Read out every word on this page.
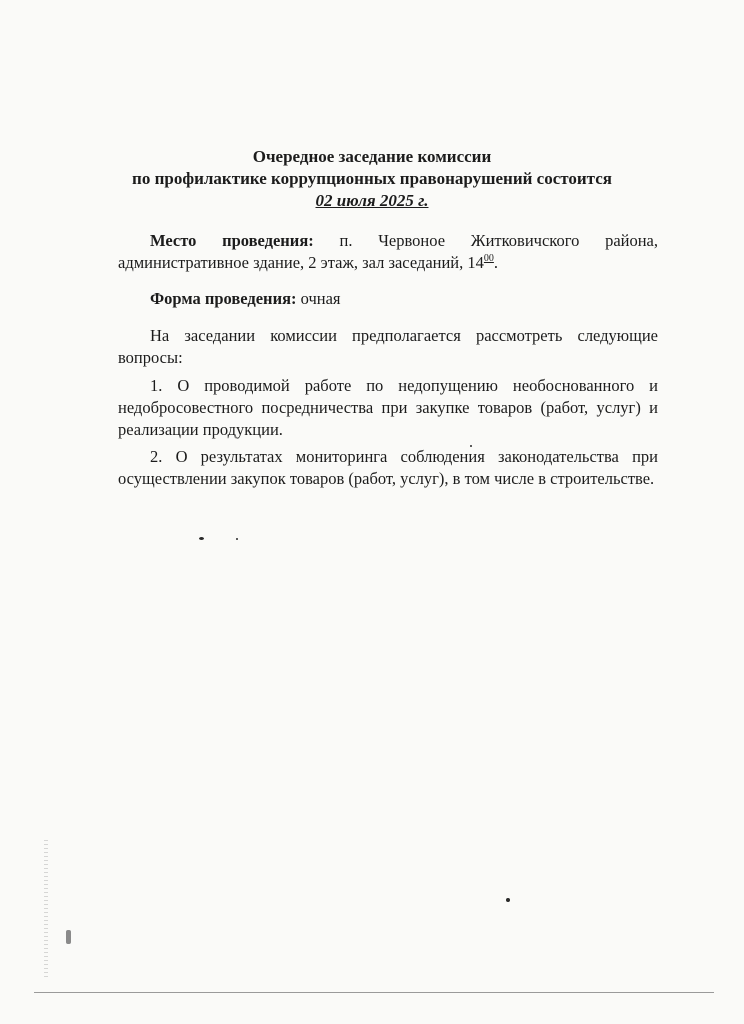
Очередное заседание комиссии
по профилактике коррупционных правонарушений состоится
02 июля 2025 г.
Место проведения: п. Червоное Житковичского района, административное здание, 2 этаж, зал заседаний, $14^{00}$.
Форма проведения: очная
На заседании комиссии предполагается рассмотреть следующие вопросы:
1. О проводимой работе по недопущению необоснованного и недобросовестного посредничества при закупке товаров (работ, услуг) и реализации продукции.
2. О результатах мониторинга соблюдения законодательства при осуществлении закупок товаров (работ, услуг), в том числе в строительстве.
